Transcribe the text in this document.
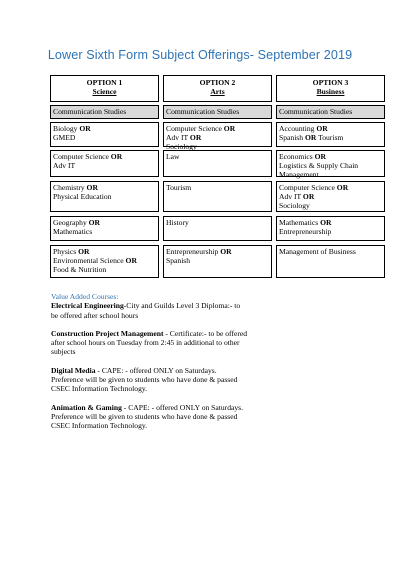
Lower Sixth Form Subject Offerings- September 2019
OPTION 1
Science
Communication Studies
Biology OR
GMED
Computer Science OR
Adv IT
Chemistry OR
Physical Education
Geography OR
Mathematics
Physics OR
Environmental Science OR
Food & Nutrition
OPTION 2
Arts
Communication Studies
Computer Science OR
Adv IT OR
Sociology
Law
Tourism
History
Entrepreneurship OR
Spanish
OPTION 3
Business
Communication Studies
Accounting OR
Spanish OR Tourism
Economics OR
Logistics & Supply Chain
Management
Computer Science OR
Adv IT OR
Sociology
Mathematics OR
Entrepreneurship
Management of Business
Value Added Courses:
Electrical Engineering-City and Guilds Level 3 Diploma:- to
be offered after school hours
Construction Project Management - Certificate:- to be offered
after school hours on Tuesday from 2:45 in additional to other
subjects
Digital Media - CAPE: - offered ONLY on Saturdays.
Preference will be given to students who have done & passed
CSEC Information Technology.
Animation & Gaming - CAPE: - offered ONLY on Saturdays.
Preference will be given to students who have done & passed
CSEC Information Technology.
